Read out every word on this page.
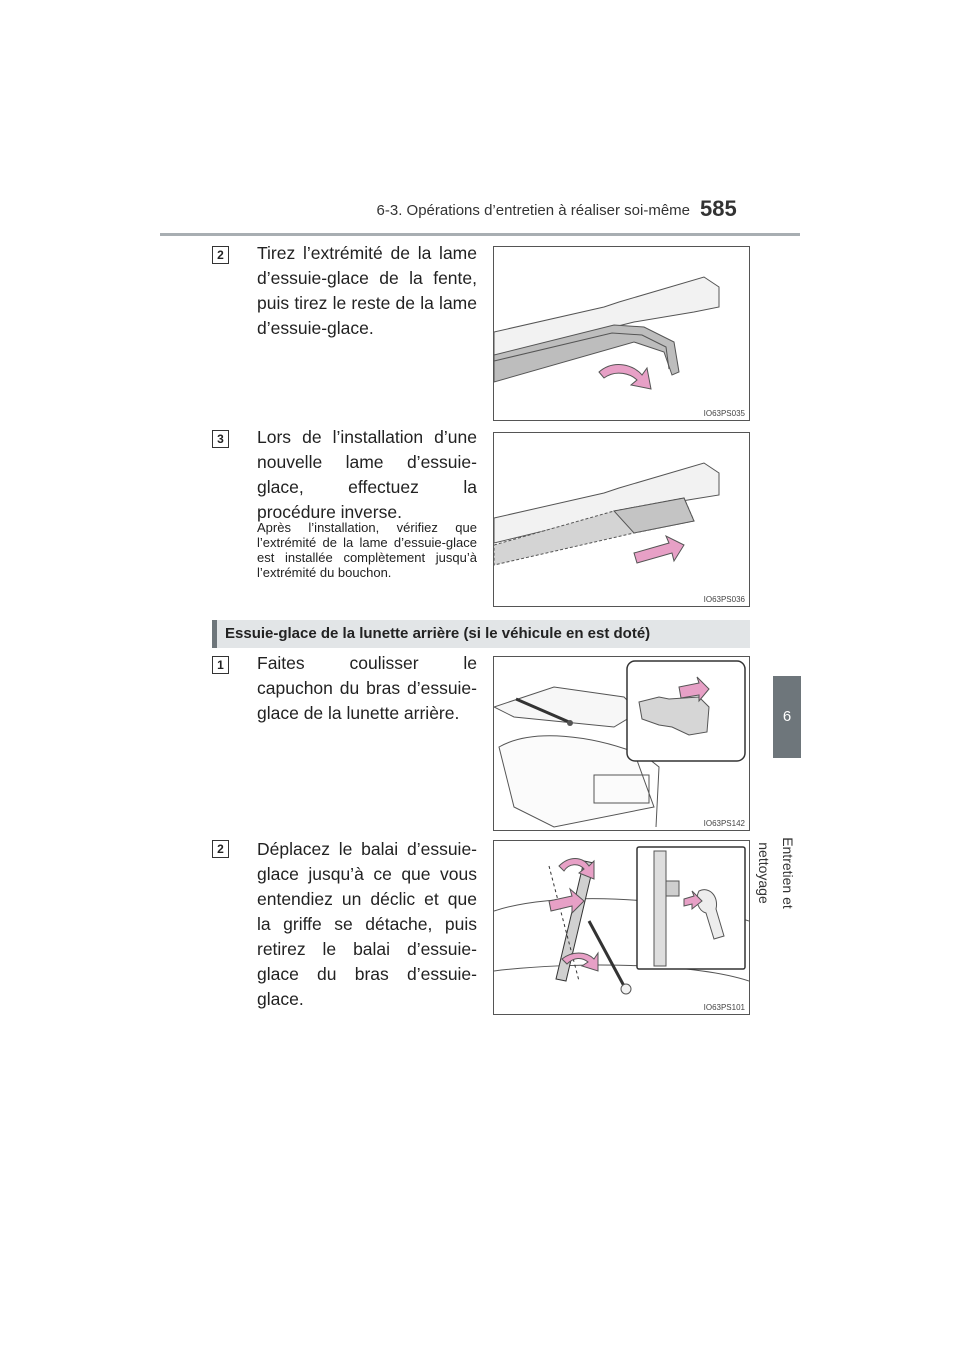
6-3. Opérations d’entretien à réaliser soi-même 585
6
Entretien et nettoyage
2 Tirez l’extrémité de la lame d’essuie-glace de la fente, puis tirez le reste de la lame d’essuie-glace.
IO63PS035
3 Lors de l’installation d’une nouvelle lame d’essuie-glace, effectuez la procédure inverse.
Après l’installation, vérifiez que l’extrémité de la lame d’essuie-glace est installée complètement jusqu’à l’extrémité du bouchon.
IO63PS036
Essuie-glace de la lunette arrière (si le véhicule en est doté)
1 Faites coulisser le capuchon du bras d’essuie-glace de la lunette arrière.
IO63PS142
2 Déplacez le balai d’essuie-glace jusqu’à ce que vous entendiez un déclic et que la griffe se détache, puis retirez le balai d’essuie-glace du bras d’essuie-glace.	IO63PS101
